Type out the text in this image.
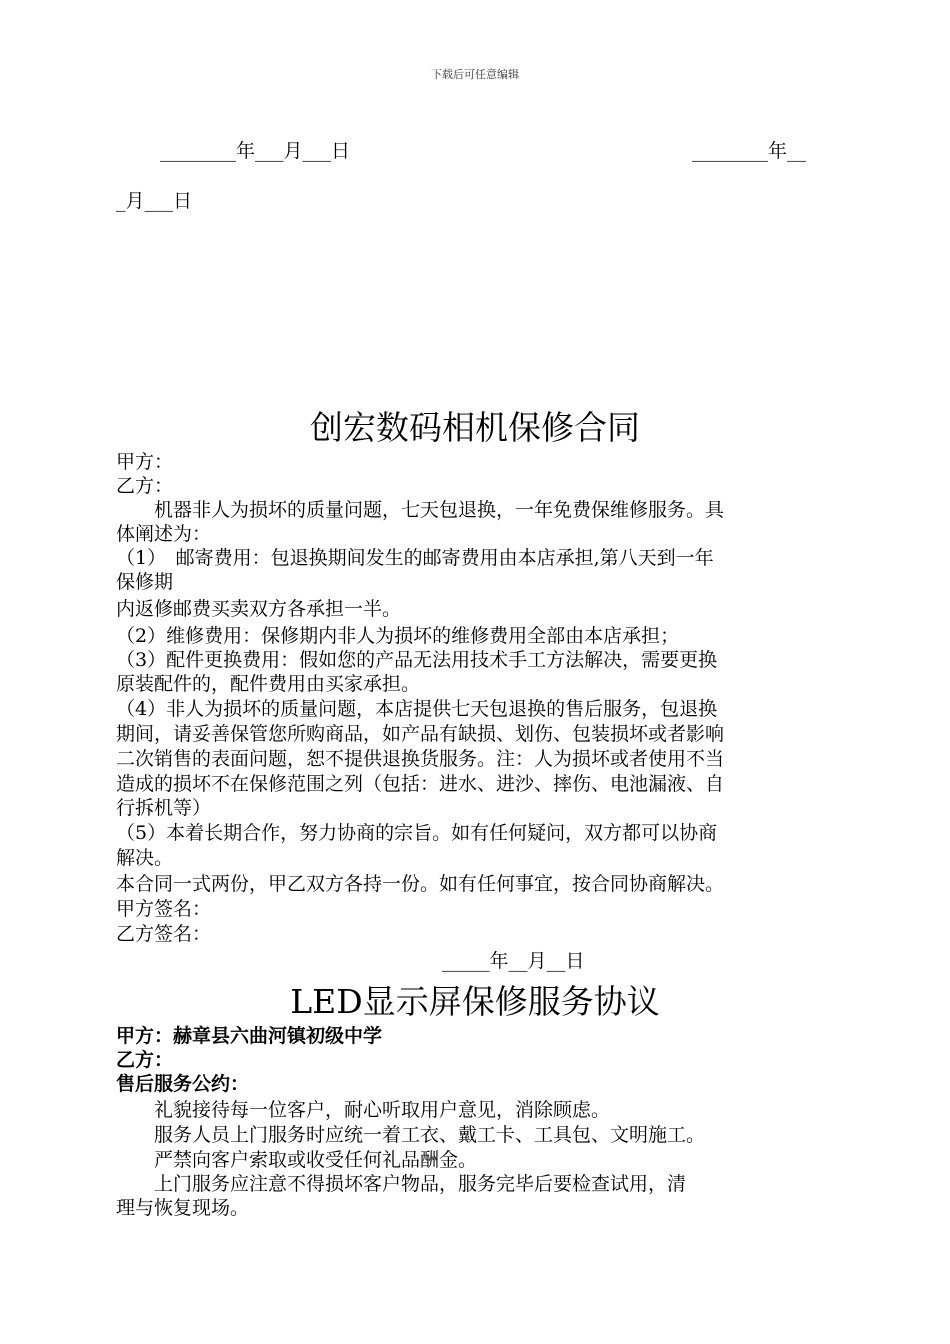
下载后可任意编辑
________年___月___日	________年__
_月___日
创宏数码相机保修合同
甲方：
乙方：
　　机器非人为损坏的质量问题，七天包退换，一年免费保维修服务。具
体阐述为：
（1）　邮寄费用：包退换期间发生的邮寄费用由本店承担,第八天到一年
保修期
内返修邮费买卖双方各承担一半。
（2）维修费用：保修期内非人为损坏的维修费用全部由本店承担；
（3）配件更换费用：假如您的产品无法用技术手工方法解决，需要更换
原装配件的，配件费用由买家承担。
（4）非人为损坏的质量问题，本店提供七天包退换的售后服务，包退换
期间，请妥善保管您所购商品，如产品有缺损、划伤、包装损坏或者影响
二次销售的表面问题，恕不提供退换货服务。注：人为损坏或者使用不当
造成的损坏不在保修范围之列（包括：进水、进沙、摔伤、电池漏液、自
行拆机等）
（5）本着长期合作，努力协商的宗旨。如有任何疑问，双方都可以协商
解决。
本合同一式两份，甲乙双方各持一份。如有任何事宜，按合同协商解决。
甲方签名：
乙方签名：
_____年__月__日
LED显示屏保修服务协议
甲方：赫章县六曲河镇初级中学
乙方：
售后服务公约：
　　礼貌接待每一位客户，耐心听取用户意见，消除顾虑。
　　服务人员上门服务时应统一着工衣、戴工卡、工具包、文明施工。
　　严禁向客户索取或收受任何礼品酬金。
　　上门服务应注意不得损坏客户物品，服务完毕后要检查试用，清
理与恢复现场。
